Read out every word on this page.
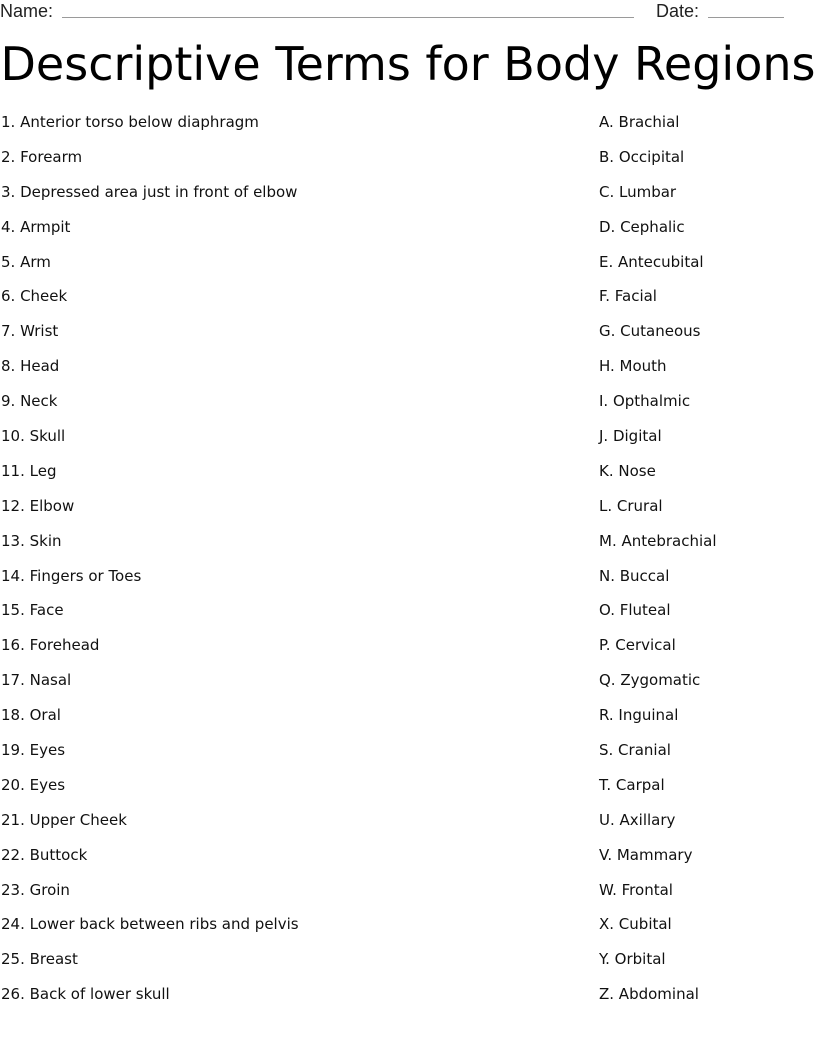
Name:	Date:
Descriptive Terms for Body Regions
1. Anterior torso below diaphragm
2. Forearm
3. Depressed area just in front of elbow
4. Armpit
5. Arm
6. Cheek
7. Wrist
8. Head
9. Neck
10. Skull
11. Leg
12. Elbow
13. Skin
14. Fingers or Toes
15. Face
16. Forehead
17. Nasal
18. Oral
19. Eyes
20. Eyes
21. Upper Cheek
22. Buttock
23. Groin
24. Lower back between ribs and pelvis
25. Breast
26. Back of lower skull
A. Brachial
B. Occipital
C. Lumbar
D. Cephalic
E. Antecubital
F. Facial
G. Cutaneous
H. Mouth
I. Opthalmic
J. Digital
K. Nose
L. Crural
M. Antebrachial
N. Buccal
O. Fluteal
P. Cervical
Q. Zygomatic
R. Inguinal
S. Cranial
T. Carpal
U. Axillary
V. Mammary
W. Frontal
X. Cubital
Y. Orbital
Z. Abdominal
